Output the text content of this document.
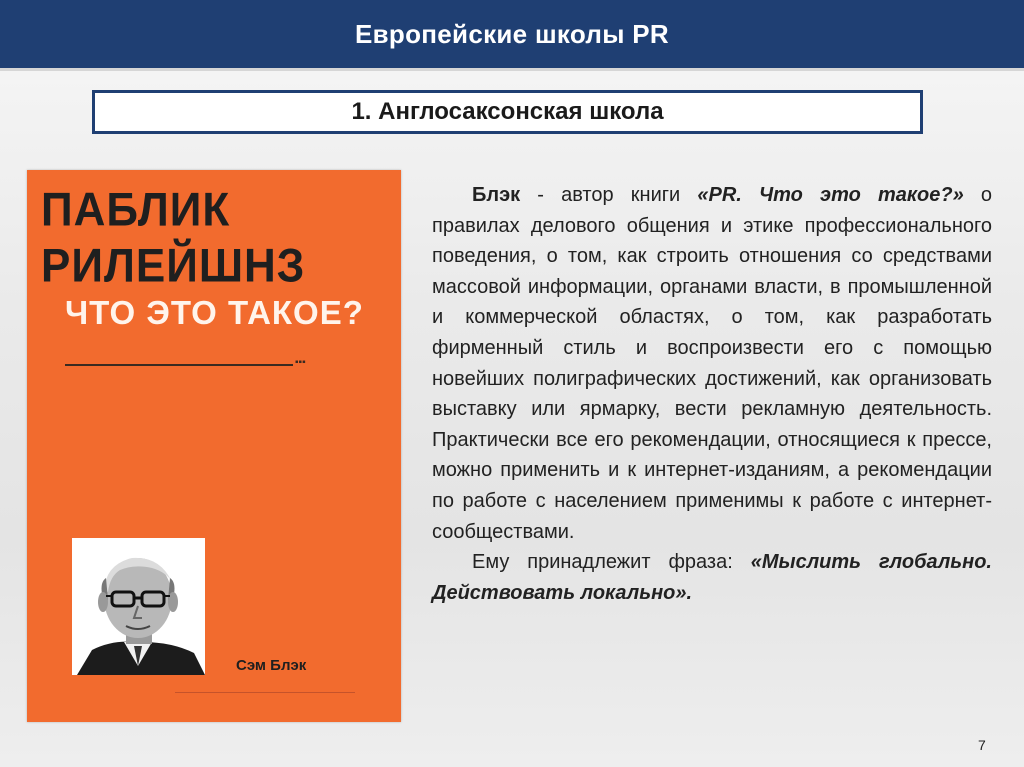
Европейские школы PR
1. Англосаксонская школа
ПАБЛИК
РИЛЕЙШНЗ
ЧТО ЭТО ТАКОЕ?
▪▪▪
Сэм Блэк

Блэк - автор книги «PR. Что это такое?» о правилах делового общения и этике профессионального поведения, о том, как строить отношения со средствами массовой информации, органами власти, в промышленной и коммерческой областях, о том, как разработать фирменный стиль и воспроизвести его с помощью новейших полиграфических достижений, как организовать выставку или ярмарку, вести рекламную деятельность. Практически все его рекомендации, относящиеся к прессе, можно применить и к интернет-изданиям, а рекомендации по работе с населением применимы к работе с интернет-сообществами.

Ему принадлежит фраза: «Мыслить глобально. Действовать локально».

7
